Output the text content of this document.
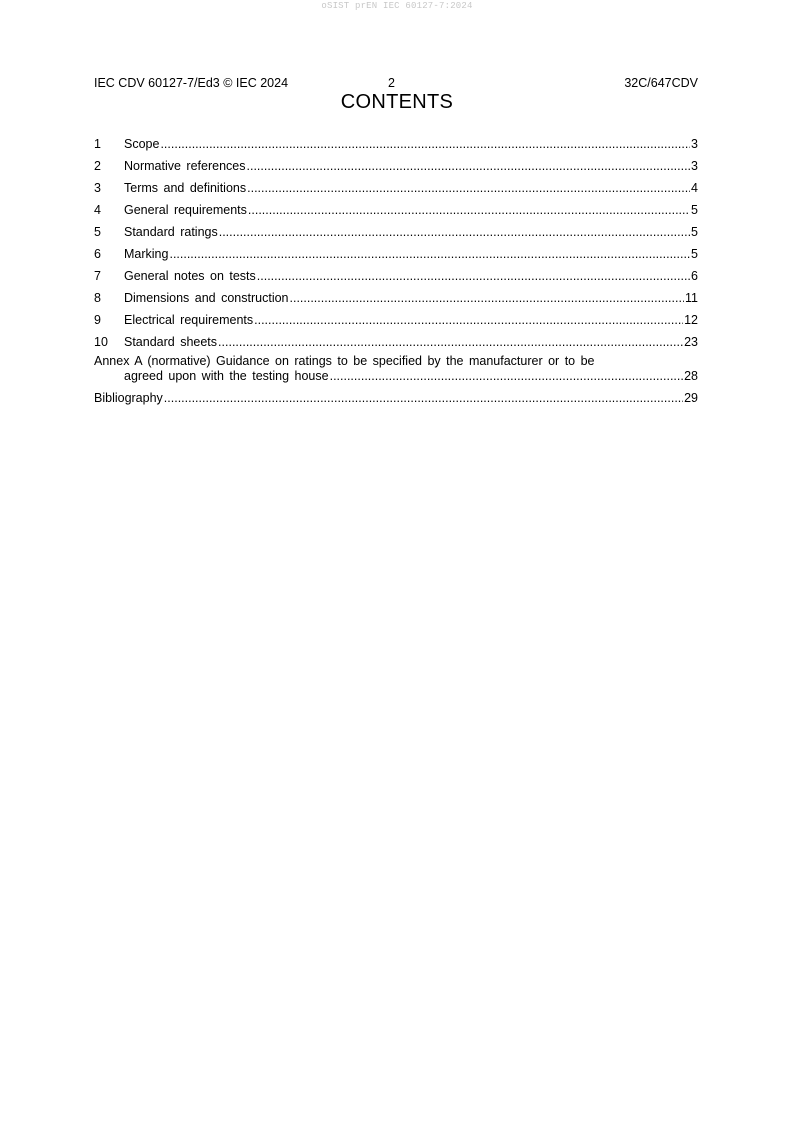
oSIST prEN IEC 60127-7:2024
IEC CDV 60127-7/Ed3 © IEC 2024	2	32C/647CDV
CONTENTS
1	Scope .....	3
2	Normative references .....	3
3	Terms and definitions .....	4
4	General requirements .....	5
5	Standard ratings .....	5
6	Marking .....	5
7	General notes on tests .....	6
8	Dimensions and construction .....	11
9	Electrical requirements .....	12
10	Standard sheets .....	23
Annex A (normative) Guidance on ratings to be specified by the manufacturer or to be
agreed upon with the testing house .....	28
Bibliography .....	29
